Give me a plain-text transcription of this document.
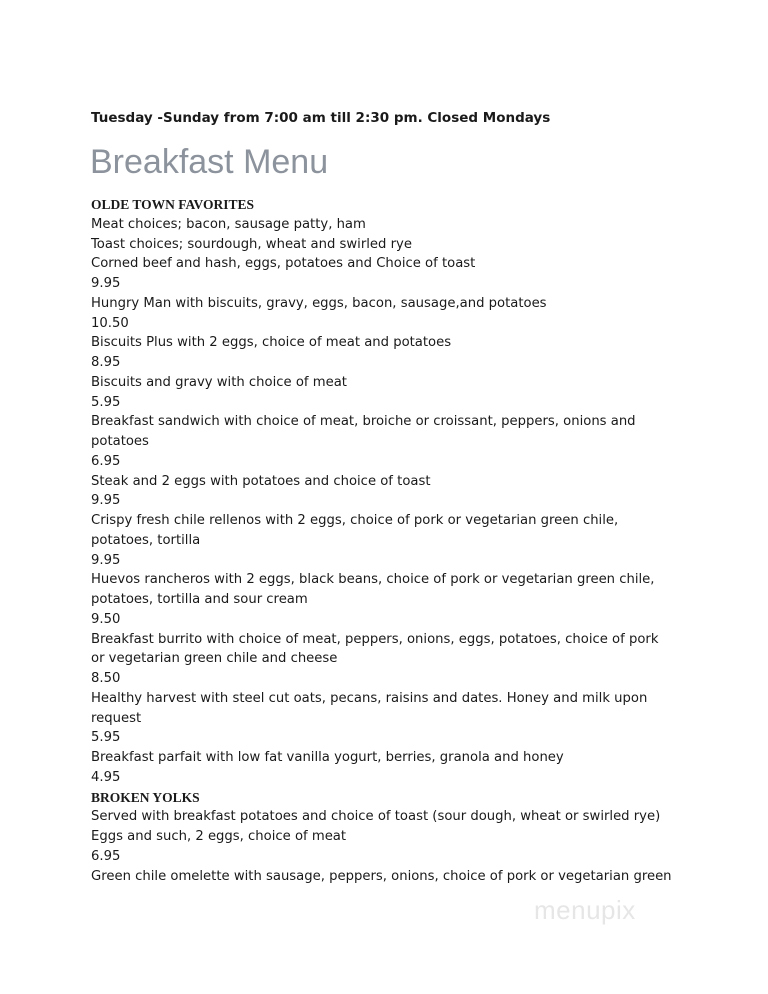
Tuesday -Sunday from 7:00 am till 2:30 pm. Closed Mondays
Breakfast Menu
OLDE TOWN FAVORITES
Meat choices; bacon, sausage patty, ham
Toast choices; sourdough, wheat and swirled rye
Corned beef and hash, eggs, potatoes and Choice of toast
9.95
Hungry Man with biscuits, gravy, eggs, bacon, sausage,and potatoes
10.50
Biscuits Plus with 2 eggs, choice of meat and potatoes
8.95
Biscuits and gravy with choice of meat
5.95
Breakfast sandwich with choice of meat, broiche or croissant, peppers, onions and
potatoes
6.95
Steak and 2 eggs with potatoes and choice of toast
9.95
Crispy fresh chile rellenos with 2 eggs, choice of pork or vegetarian green chile,
potatoes, tortilla
9.95
Huevos rancheros with 2 eggs, black beans, choice of pork or vegetarian green chile,
potatoes, tortilla and sour cream
9.50
Breakfast burrito with choice of meat, peppers, onions, eggs, potatoes, choice of pork
or vegetarian green chile and cheese
8.50
Healthy harvest with steel cut oats, pecans, raisins and dates. Honey and milk upon
request
5.95
Breakfast parfait with low fat vanilla yogurt, berries, granola and honey
4.95
BROKEN YOLKS
Served with breakfast potatoes and choice of toast (sour dough, wheat or swirled rye)
Eggs and such, 2 eggs, choice of meat
6.95
Green chile omelette with sausage, peppers, onions, choice of pork or vegetarian green
menupix
